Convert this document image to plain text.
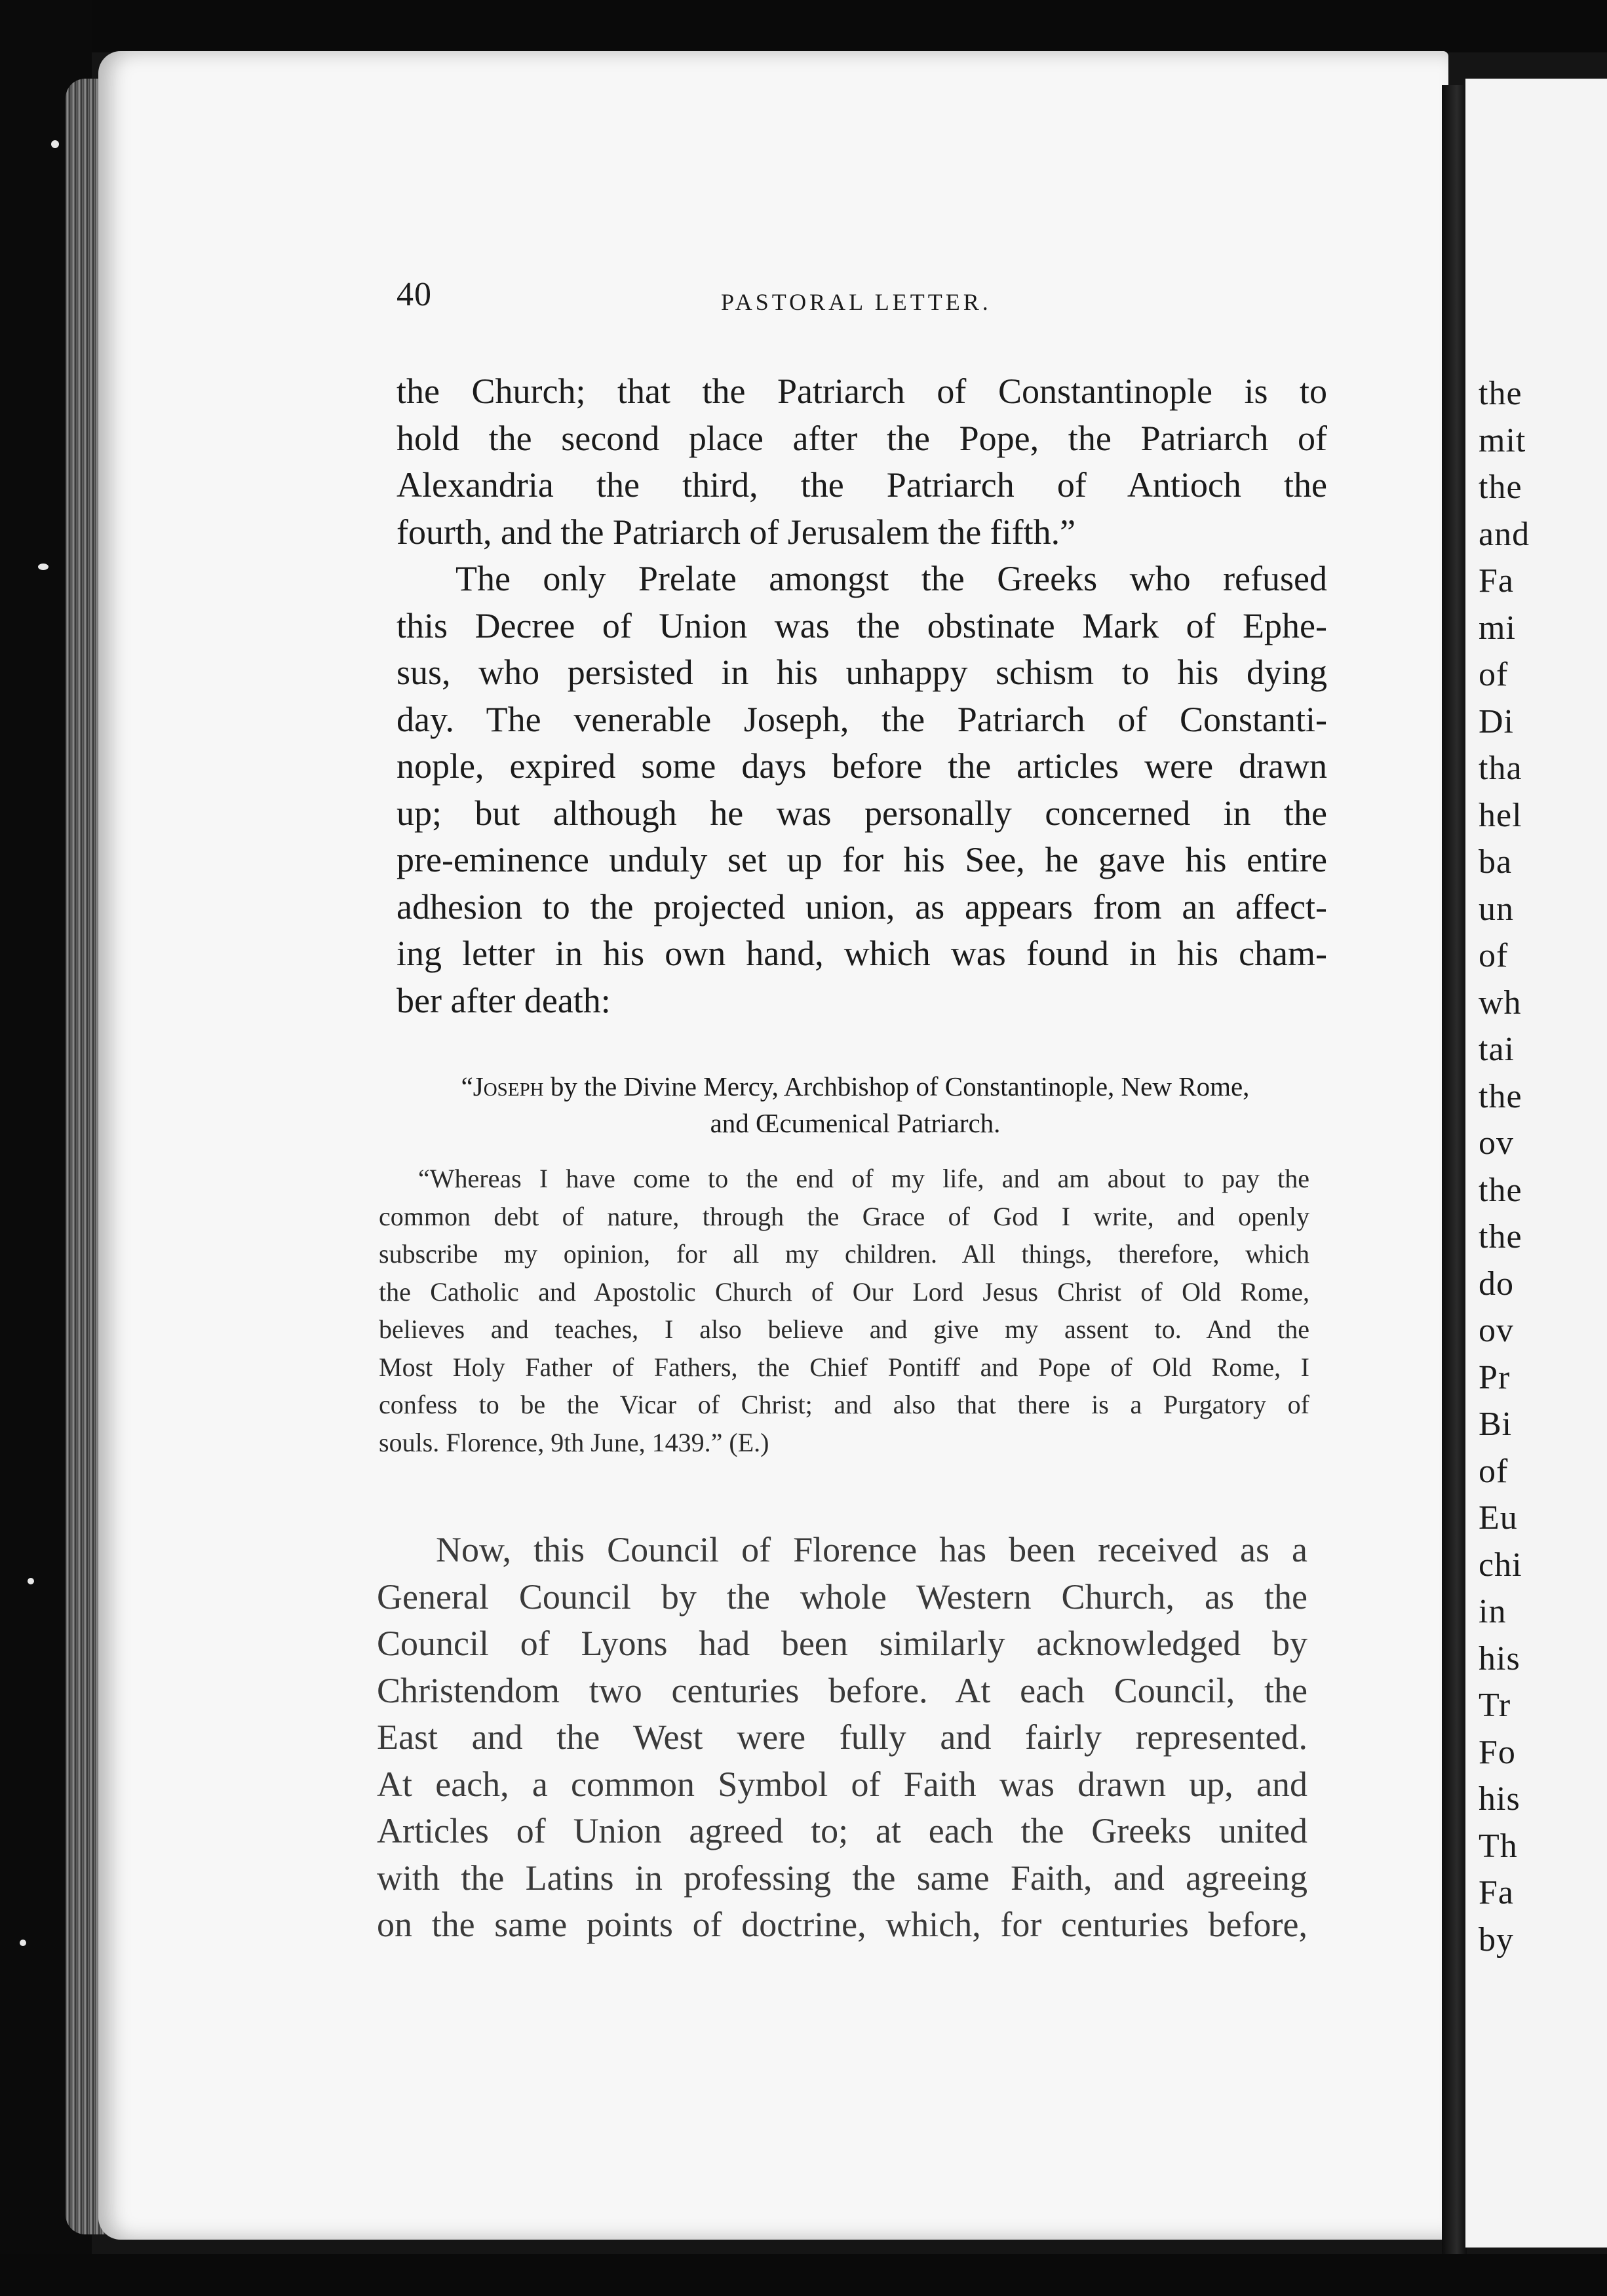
the
mit
the
and
Fa
mi
of
Di
tha
hel
ba
un
of
wh
tai
the
ov
the
the
do
ov
Pr
Bi
of
Eu
chi
in
his
Tr
Fo
his
Th
Fa
by
40	PASTORAL LETTER.
the Church; that the Patriarch of Constantinople is to
hold the second place after the Pope, the Patriarch of
Alexandria the third, the Patriarch of Antioch the
fourth, and the Patriarch of Jerusalem the fifth.”
The only Prelate amongst the Greeks who refused
this Decree of Union was the obstinate Mark of Ephe-
sus, who persisted in his unhappy schism to his dying
day. The venerable Joseph, the Patriarch of Constanti-
nople, expired some days before the articles were drawn
up; but although he was personally concerned in the
pre-eminence unduly set up for his See, he gave his entire
adhesion to the projected union, as appears from an affect-
ing letter in his own hand, which was found in his cham-
ber after death:
“Joseph by the Divine Mercy, Archbishop of Constantinople, New Rome,
and Œcumenical Patriarch.
“Whereas I have come to the end of my life, and am about to pay the
common debt of nature, through the Grace of God I write, and openly
subscribe my opinion, for all my children. All things, therefore, which
the Catholic and Apostolic Church of Our Lord Jesus Christ of Old Rome,
believes and teaches, I also believe and give my assent to. And the
Most Holy Father of Fathers, the Chief Pontiff and Pope of Old Rome, I
confess to be the Vicar of Christ; and also that there is a Purgatory of
souls. Florence, 9th June, 1439.” (E.)
Now, this Council of Florence has been received as a
General Council by the whole Western Church, as the
Council of Lyons had been similarly acknowledged by
Christendom two centuries before. At each Council, the
East and the West were fully and fairly represented.
At each, a common Symbol of Faith was drawn up, and
Articles of Union agreed to; at each the Greeks united
with the Latins in professing the same Faith, and agreeing
on the same points of doctrine, which, for centuries before,
